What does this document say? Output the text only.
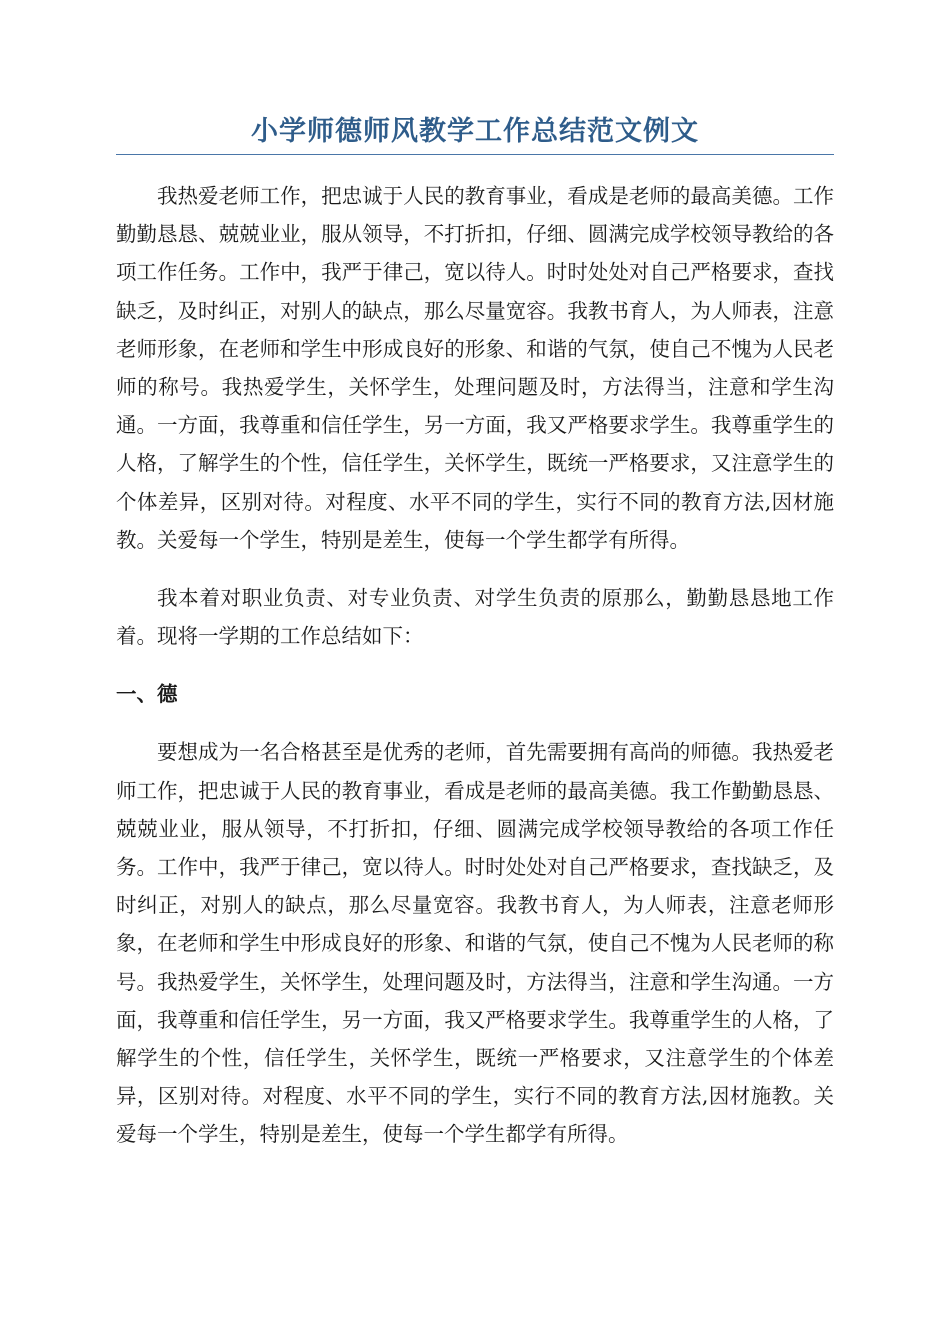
小学师德师风教学工作总结范文例文

我热爱老师工作，把忠诚于人民的教育事业，看成是老师的最高美德。工作勤勤恳恳、兢兢业业，服从领导，不打折扣，仔细、圆满完成学校领导教给的各项工作任务。工作中，我严于律己，宽以待人。时时处处对自己严格要求，查找缺乏，及时纠正，对别人的缺点，那么尽量宽容。我教书育人，为人师表，注意老师形象，在老师和学生中形成良好的形象、和谐的气氛，使自己不愧为人民老师的称号。我热爱学生，关怀学生，处理问题及时，方法得当，注意和学生沟通。一方面，我尊重和信任学生，另一方面，我又严格要求学生。我尊重学生的人格，了解学生的个性，信任学生，关怀学生，既统一严格要求，又注意学生的个体差异，区别对待。对程度、水平不同的学生，实行不同的教育方法,因材施教。关爱每一个学生，特别是差生，使每一个学生都学有所得。

我本着对职业负责、对专业负责、对学生负责的原那么，勤勤恳恳地工作着。现将一学期的工作总结如下：

一、德

要想成为一名合格甚至是优秀的老师，首先需要拥有高尚的师德。我热爱老师工作，把忠诚于人民的教育事业，看成是老师的最高美德。我工作勤勤恳恳、兢兢业业，服从领导，不打折扣，仔细、圆满完成学校领导教给的各项工作任务。工作中，我严于律己，宽以待人。时时处处对自己严格要求，查找缺乏，及时纠正，对别人的缺点，那么尽量宽容。我教书育人，为人师表，注意老师形象，在老师和学生中形成良好的形象、和谐的气氛，使自己不愧为人民老师的称号。我热爱学生，关怀学生，处理问题及时，方法得当，注意和学生沟通。一方面，我尊重和信任学生，另一方面，我又严格要求学生。我尊重学生的人格，了解学生的个性，信任学生，关怀学生，既统一严格要求，又注意学生的个体差异，区别对待。对程度、水平不同的学生，实行不同的教育方法,因材施教。关爱每一个学生，特别是差生，使每一个学生都学有所得。
